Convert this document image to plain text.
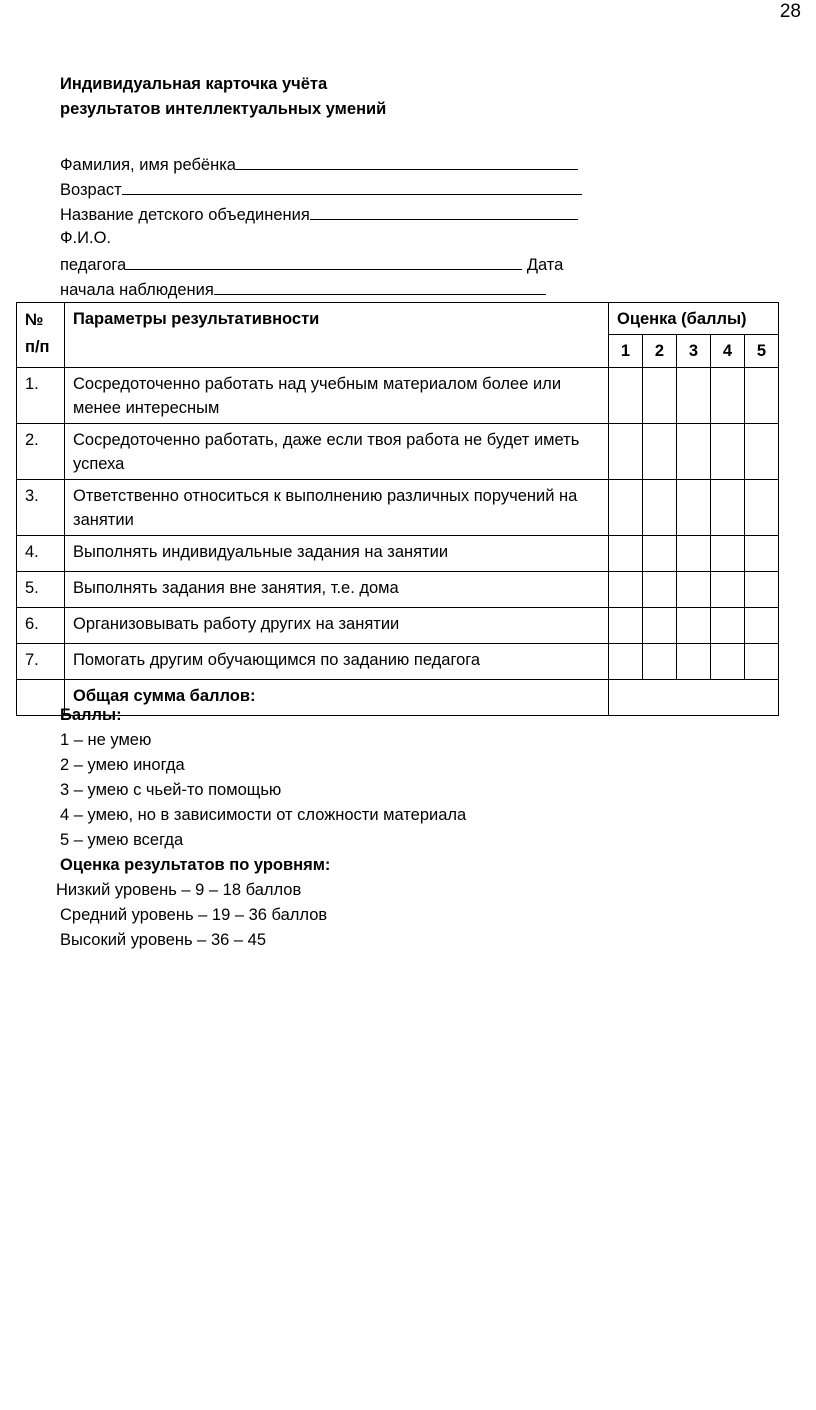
28
Индивидуальная карточка учёта
результатов интеллектуальных умений
Фамилия, имя ребёнка
Возраст
Название детского объединения
Ф.И.О.
педагога	Дата
начала наблюдения
№ п/п	Параметры результативности	Оценка (баллы)				
		1	2	3	4	5
1.	Сосредоточенно работать над учебным материалом более или менее интересным					
2.	Сосредоточенно работать, даже если твоя работа не будет иметь успеха					
3.	Ответственно относиться к выполнению различных поручений на занятии					
4.	Выполнять индивидуальные задания на занятии					
5.	Выполнять задания вне занятия, т.е. дома					
6.	Организовывать работу других на занятии					
7.	Помогать другим обучающимся по заданию педагога					
	Общая сумма баллов:					
Баллы:
1 – не умею
2 – умею иногда
3 – умею с чьей-то помощью
4 – умею, но в зависимости от сложности материала
5 – умею всегда
Оценка результатов по уровням:
Низкий уровень – 9 – 18 баллов
Средний уровень – 19 – 36 баллов
Высокий уровень – 36 – 45
